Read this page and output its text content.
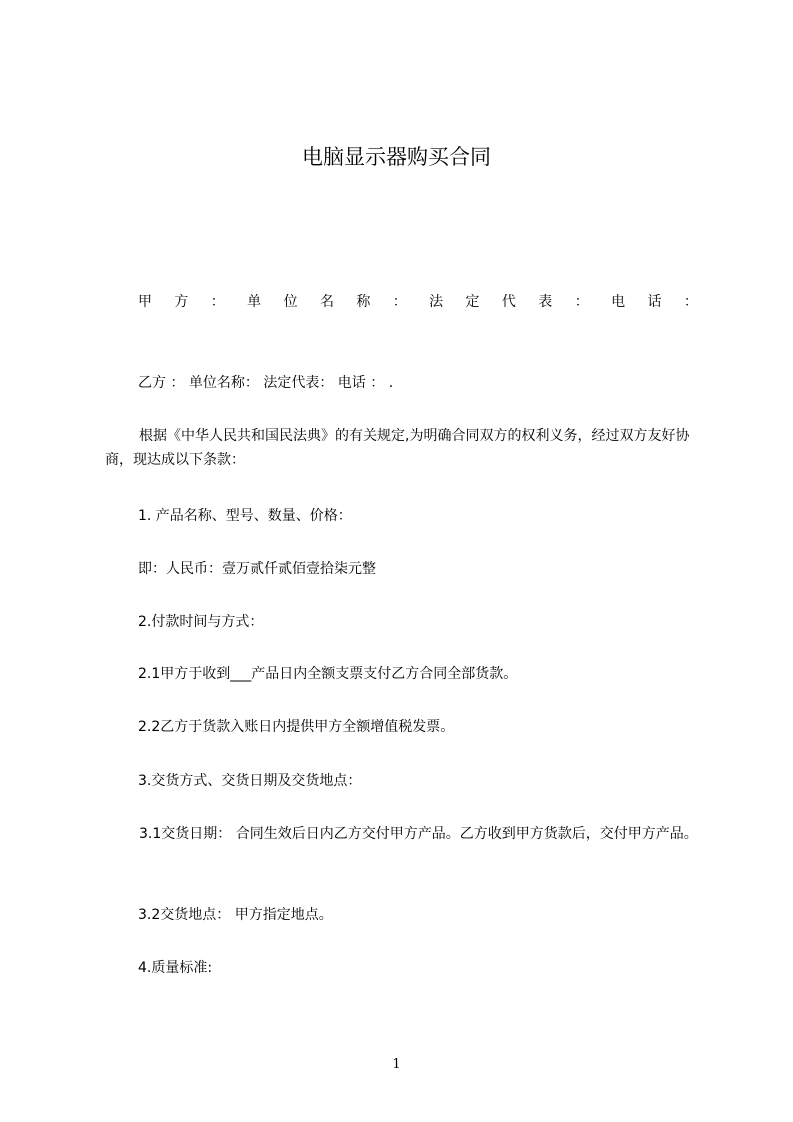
电脑显示器购买合同
甲 方 ： 单 位 名 称 ： 法 定 代 表 ： 电 话 ：
乙方 ： 单位名称： 法定代表： 电话 ： .
根据《中华人民共和国民法典》的有关规定,为明确合同双方的权利义务，经过双方友好协商，现达成以下条款：
1. 产品名称、型号、数量、价格：
即：人民币：壹万贰仟贰佰壹拾柒元整
2.付款时间与方式：
2.1甲方于收到___产品日内全额支票支付乙方合同全部货款。
2.2乙方于货款入账日内提供甲方全额增值税发票。
3.交货方式、交货日期及交货地点：
3.1交货日期： 合同生效后日内乙方交付甲方产品。乙方收到甲方货款后，交付甲方产品。
3.2交货地点： 甲方指定地点。
4.质量标准:
1
